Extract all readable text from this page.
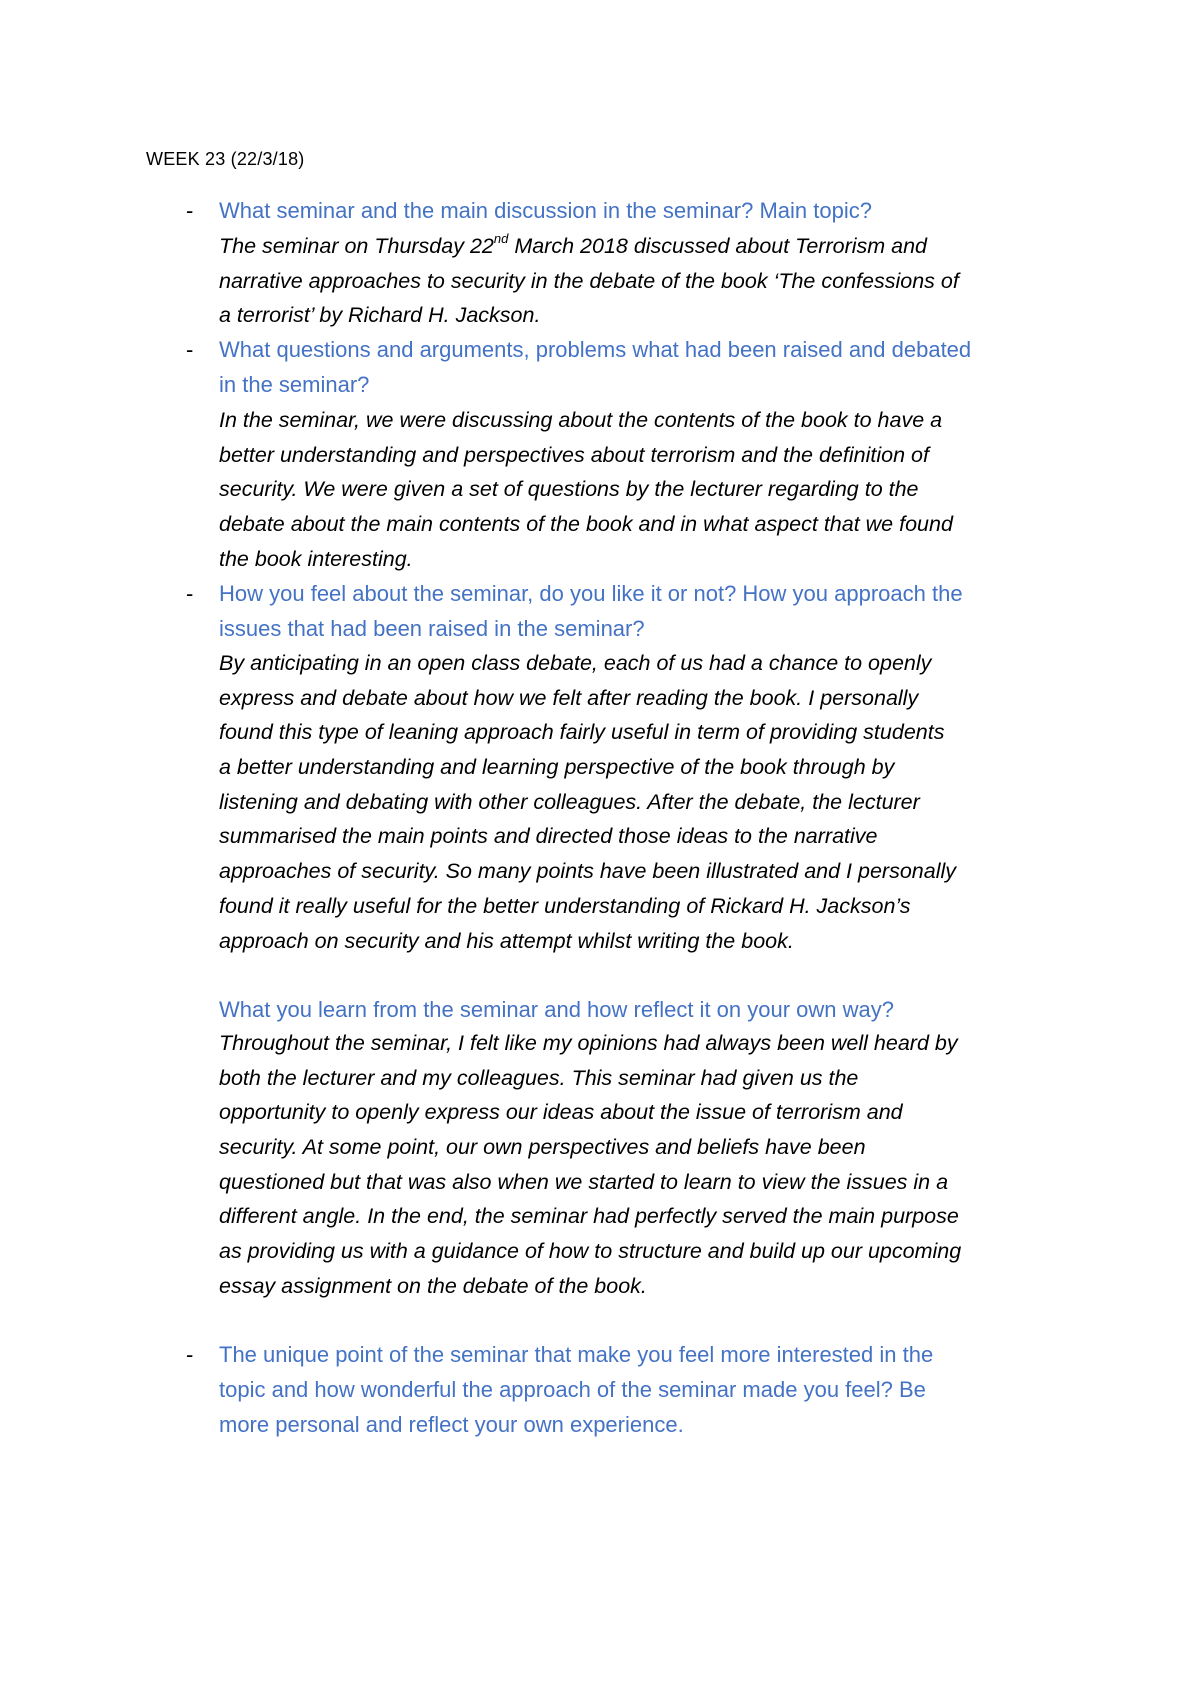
WEEK 23 (22/3/18)
- What seminar and the main discussion in the seminar? Main topic?
The seminar on Thursday 22nd March 2018 discussed about Terrorism and
narrative approaches to security in the debate of the book ‘The confessions of
a terrorist’ by Richard H. Jackson.
- What questions and arguments, problems what had been raised and debated
in the seminar?
In the seminar, we were discussing about the contents of the book to have a
better understanding and perspectives about terrorism and the definition of
security. We were given a set of questions by the lecturer regarding to the
debate about the main contents of the book and in what aspect that we found
the book interesting.
- How you feel about the seminar, do you like it or not? How you approach the
issues that had been raised in the seminar?
By anticipating in an open class debate, each of us had a chance to openly
express and debate about how we felt after reading the book. I personally
found this type of leaning approach fairly useful in term of providing students
a better understanding and learning perspective of the book through by
listening and debating with other colleagues. After the debate, the lecturer
summarised the main points and directed those ideas to the narrative
approaches of security. So many points have been illustrated and I personally
found it really useful for the better understanding of Rickard H. Jackson’s
approach on security and his attempt whilst writing the book.
What you learn from the seminar and how reflect it on your own way?
Throughout the seminar, I felt like my opinions had always been well heard by
both the lecturer and my colleagues. This seminar had given us the
opportunity to openly express our ideas about the issue of terrorism and
security. At some point, our own perspectives and beliefs have been
questioned but that was also when we started to learn to view the issues in a
different angle. In the end, the seminar had perfectly served the main purpose
as providing us with a guidance of how to structure and build up our upcoming
essay assignment on the debate of the book.
- The unique point of the seminar that make you feel more interested in the
topic and how wonderful the approach of the seminar made you feel? Be
more personal and reflect your own experience.
